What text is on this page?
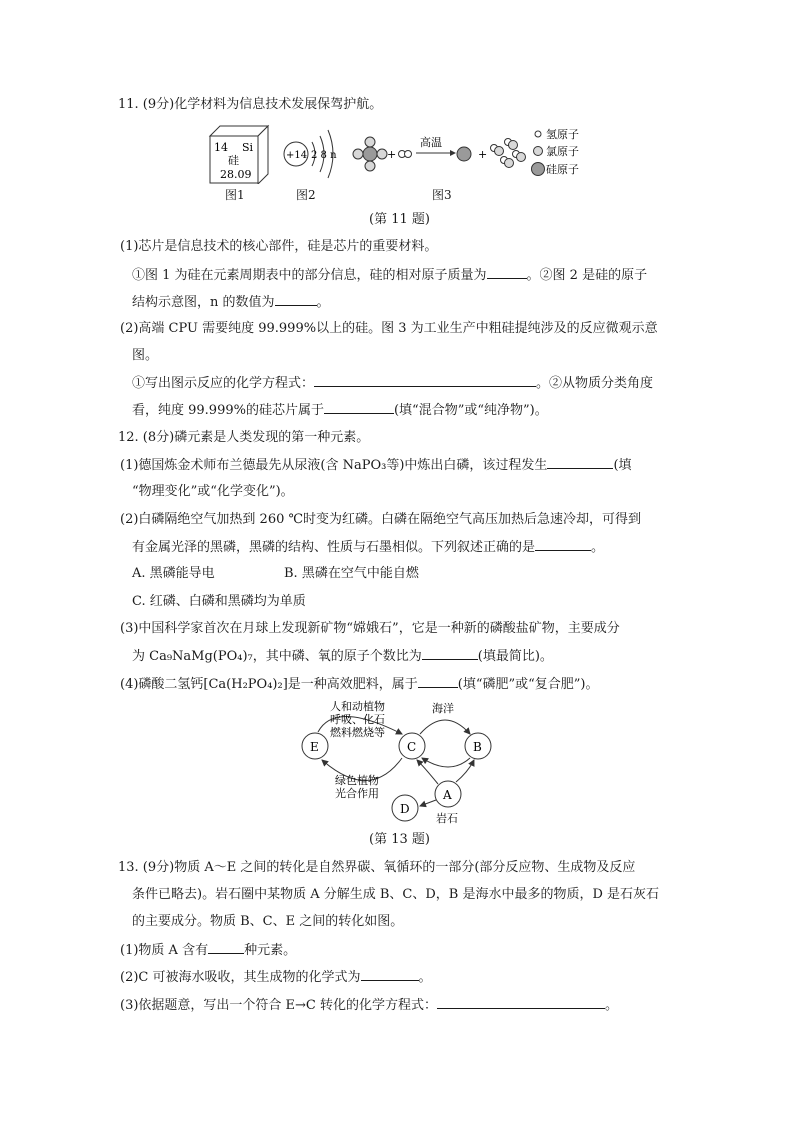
11. (9分)化学材料为信息技术发展保驾护航。
14 Si
硅
28.09
+14 2 8 n	+
高温
+
氢原子
氯原子
硅原子
图1	图2	图3
(第 11 题)
(1)芯片是信息技术的核心部件，硅是芯片的重要材料。
①图 1 为硅在元素周期表中的部分信息，硅的相对原子质量为	。②图 2 是硅的原子
结构示意图，n 的数值为	。
(2)高端 CPU 需要纯度 99.999%以上的硅。图 3 为工业生产中粗硅提纯涉及的反应微观示意
图。
①写出图示反应的化学方程式：	。②从物质分类角度
看，纯度 99.999%的硅芯片属于	(填“混合物”或“纯净物”)。
12. (8分)磷元素是人类发现的第一种元素。
(1)德国炼金术师布兰德最先从尿液(含 NaPO₃等)中炼出白磷，该过程发生	(填
“物理变化”或“化学变化”)。
(2)白磷隔绝空气加热到 260 ℃时变为红磷。白磷在隔绝空气高压加热后急速冷却，可得到
有金属光泽的黑磷，黑磷的结构、性质与石墨相似。下列叙述正确的是	。
A. 黑磷能导电	B. 黑磷在空气中能自燃
C. 红磷、白磷和黑磷均为单质
(3)中国科学家首次在月球上发现新矿物“嫦娥石”，它是一种新的磷酸盐矿物，主要成分
为 Ca₉NaMg(PO₄)₇，其中磷、氧的原子个数比为	(填最简比)。
(4)磷酸二氢钙[Ca(H₂PO₄)₂]是一种高效肥料，属于	(填“磷肥”或“复合肥”)。
E	C	B
A
D
人和动植物
呼吸、化石
燃料燃烧等
海洋
绿色植物
光合作用
岩石
(第 13 题)
13. (9分)物质 A～E 之间的转化是自然界碳、氧循环的一部分(部分反应物、生成物及反应
条件已略去)。岩石圈中某物质 A 分解生成 B、C、D，B 是海水中最多的物质，D 是石灰石
的主要成分。物质 B、C、E 之间的转化如图。
(1)物质 A 含有	种元素。
(2)C 可被海水吸收，其生成物的化学式为	。
(3)依据题意，写出一个符合 E→C 转化的化学方程式：	。
